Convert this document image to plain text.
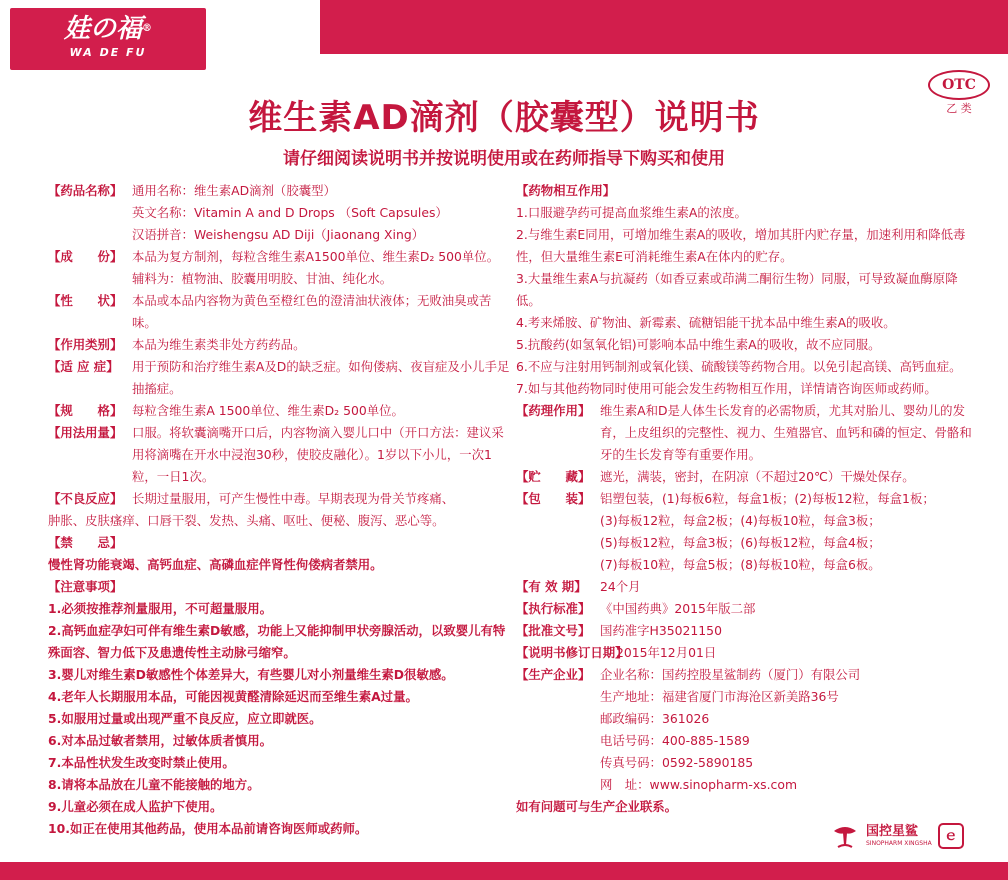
娃の福®
WA DE FU
OTC
乙 类
维生素AD滴剂（胶囊型）说明书
请仔细阅读说明书并按说明使用或在药师指导下购买和使用
【药品名称】 通用名称：维生素AD滴剂（胶囊型）

英文名称：Vitamin A and D Drops （Soft Capsules）

汉语拼音：Weishengsu AD Diji（Jiaonang Xing）

【成　　份】 本品为复方制剂，每粒含维生素A1500单位、维生素D₂ 500单位。辅料为：植物油、胶囊用明胶、甘油、纯化水。
【性　　状】 本品或本品内容物为黄色至橙红色的澄清油状液体；无败油臭或苦味。
【作用类别】 本品为维生素类非处方药药品。
【适 应 症】	用于预防和治疗维生素A及D的缺乏症。如佝偻病、夜盲症及小儿手足抽搐症。
【规　　格】 每粒含维生素A 1500单位、维生素D₂ 500单位。
【用法用量】 口服。将软囊滴嘴开口后，内容物滴入婴儿口中（开口方法：建议采用将滴嘴在开水中浸泡30秒，使胶皮融化）。1岁以下小儿，一次1粒，一日1次。
【不良反应】 长期过量服用，可产生慢性中毒。早期表现为骨关节疼痛、

肿胀、皮肤瘙痒、口唇干裂、发热、头痛、呕吐、便秘、腹泻、恶心等。

【禁　　忌】

慢性肾功能衰竭、高钙血症、高磷血症伴肾性佝偻病者禁用。

【注意事项】

1.必须按推荐剂量服用，不可超量服用。

2.高钙血症孕妇可伴有维生素D敏感，功能上又能抑制甲状旁腺活动，以致婴儿有特殊面容、智力低下及患遗传性主动脉弓缩窄。

3.婴儿对维生素D敏感性个体差异大，有些婴儿对小剂量维生素D很敏感。

4.老年人长期服用本品，可能因视黄醛清除延迟而至维生素A过量。

5.如服用过量或出现严重不良反应，应立即就医。

6.对本品过敏者禁用，过敏体质者慎用。

7.本品性状发生改变时禁止使用。

8.请将本品放在儿童不能接触的地方。

9.儿童必须在成人监护下使用。

10.如正在使用其他药品，使用本品前请咨询医师或药师。

【药物相互作用】

1.口服避孕药可提高血浆维生素A的浓度。

2.与维生素E同用，可增加维生素A的吸收，增加其肝内贮存量，加速利用和降低毒性，但大量维生素E可消耗维生素A在体内的贮存。

3.大量维生素A与抗凝药（如香豆素或茚满二酮衍生物）同服，可导致凝血酶原降低。

4.考来烯胺、矿物油、新霉素、硫糖铝能干扰本品中维生素A的吸收。

5.抗酸药(如氢氧化铝)可影响本品中维生素A的吸收，故不应同服。

6.不应与注射用钙制剂或氧化镁、硫酸镁等药物合用。以免引起高镁、高钙血症。

7.如与其他药物同时使用可能会发生药物相互作用，详情请咨询医师或药师。

【药理作用】 维生素A和D是人体生长发育的必需物质，尤其对胎儿、婴幼儿的发育，上皮组织的完整性、视力、生殖器官、血钙和磷的恒定、骨骼和牙的生长发育等有重要作用。
【贮　　藏】 遮光，满装，密封，在阴凉（不超过20℃）干燥处保存。
【包　　装】 铝塑包装，(1)每板6粒，每盒1板；(2)每板12粒，每盒1板；

(3)每板12粒，每盒2板；(4)每板10粒，每盒3板；

(5)每板12粒，每盒3板；(6)每板12粒，每盒4板；

(7)每板10粒，每盒5板；(8)每板10粒，每盒6板。

【有 效 期】	24个月
【执行标准】 《中国药典》2015年版二部
【批准文号】 国药准字H35021150
【说明书修订日期】
2015年12月01日
【生产企业】 企业名称：国药控股星鲨制药（厦门）有限公司

生产地址：福建省厦门市海沧区新美路36号

邮政编码：361026

电话号码：400-885-1589

传真号码：0592-5890185

网　址：www.sinopharm-xs.com

如有问题可与生产企业联系。

国控星鲨
SINOPHARM XINGSHA ｅ
